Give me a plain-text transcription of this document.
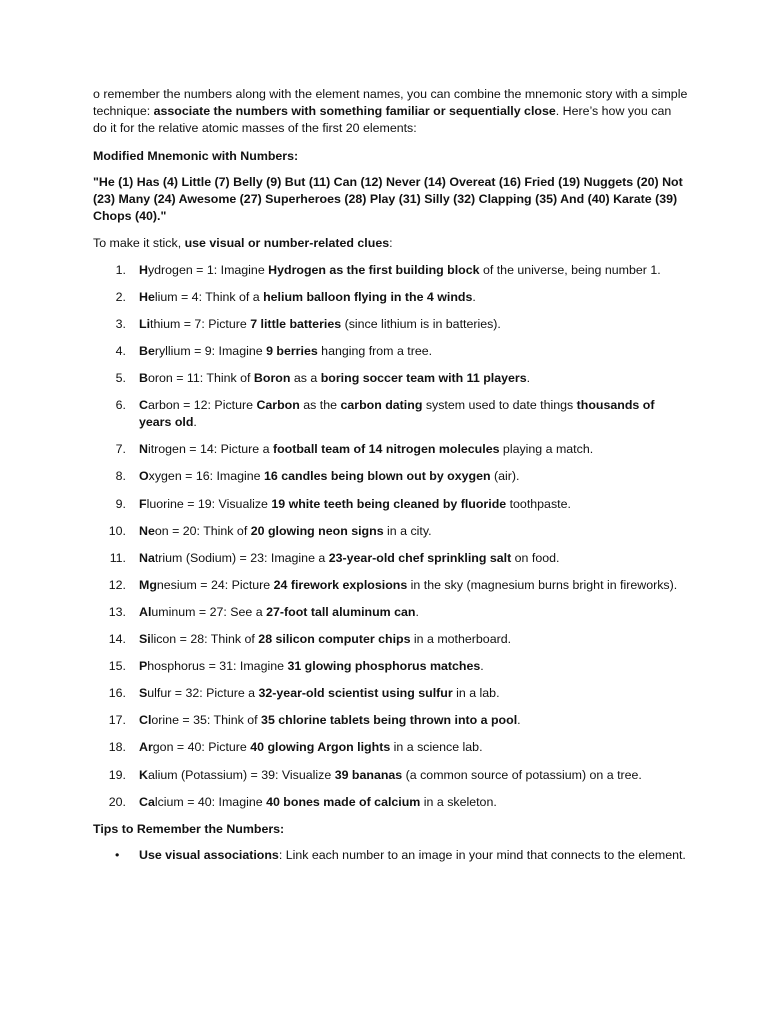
o remember the numbers along with the element names, you can combine the mnemonic story with a simple technique: associate the numbers with something familiar or sequentially close. Here’s how you can do it for the relative atomic masses of the first 20 elements:

Modified Mnemonic with Numbers:

"He (1) Has (4) Little (7) Belly (9) But (11) Can (12) Never (14) Overeat (16) Fried (19) Nuggets (20) Not (23) Many (24) Awesome (27) Superheroes (28) Play (31) Silly (32) Clapping (35) And (40) Karate (39) Chops (40)."

To make it stick, use visual or number-related clues:

1. Hydrogen = 1: Imagine Hydrogen as the first building block of the universe, being number 1.
2. Helium = 4: Think of a helium balloon flying in the 4 winds.
3. Lithium = 7: Picture 7 little batteries (since lithium is in batteries).
4. Beryllium = 9: Imagine 9 berries hanging from a tree.
5. Boron = 11: Think of Boron as a boring soccer team with 11 players.
6. Carbon = 12: Picture Carbon as the carbon dating system used to date things thousands of years old.
7. Nitrogen = 14: Picture a football team of 14 nitrogen molecules playing a match.
8. Oxygen = 16: Imagine 16 candles being blown out by oxygen (air).
9. Fluorine = 19: Visualize 19 white teeth being cleaned by fluoride toothpaste.
10. Neon = 20: Think of 20 glowing neon signs in a city.
11. Natrium (Sodium) = 23: Imagine a 23-year-old chef sprinkling salt on food.
12. Mgnesium = 24: Picture 24 firework explosions in the sky (magnesium burns bright in fireworks).
13. Aluminum = 27: See a 27-foot tall aluminum can.
14. Silicon = 28: Think of 28 silicon computer chips in a motherboard.
15. Phosphorus = 31: Imagine 31 glowing phosphorus matches.
16. Sulfur = 32: Picture a 32-year-old scientist using sulfur in a lab.
17. Clorine = 35: Think of 35 chlorine tablets being thrown into a pool.
18. Argon = 40: Picture 40 glowing Argon lights in a science lab.
19. Kalium (Potassium) = 39: Visualize 39 bananas (a common source of potassium) on a tree.
20. Calcium = 40: Imagine 40 bones made of calcium in a skeleton.

Tips to Remember the Numbers:

• Use visual associations: Link each number to an image in your mind that connects to the element.
